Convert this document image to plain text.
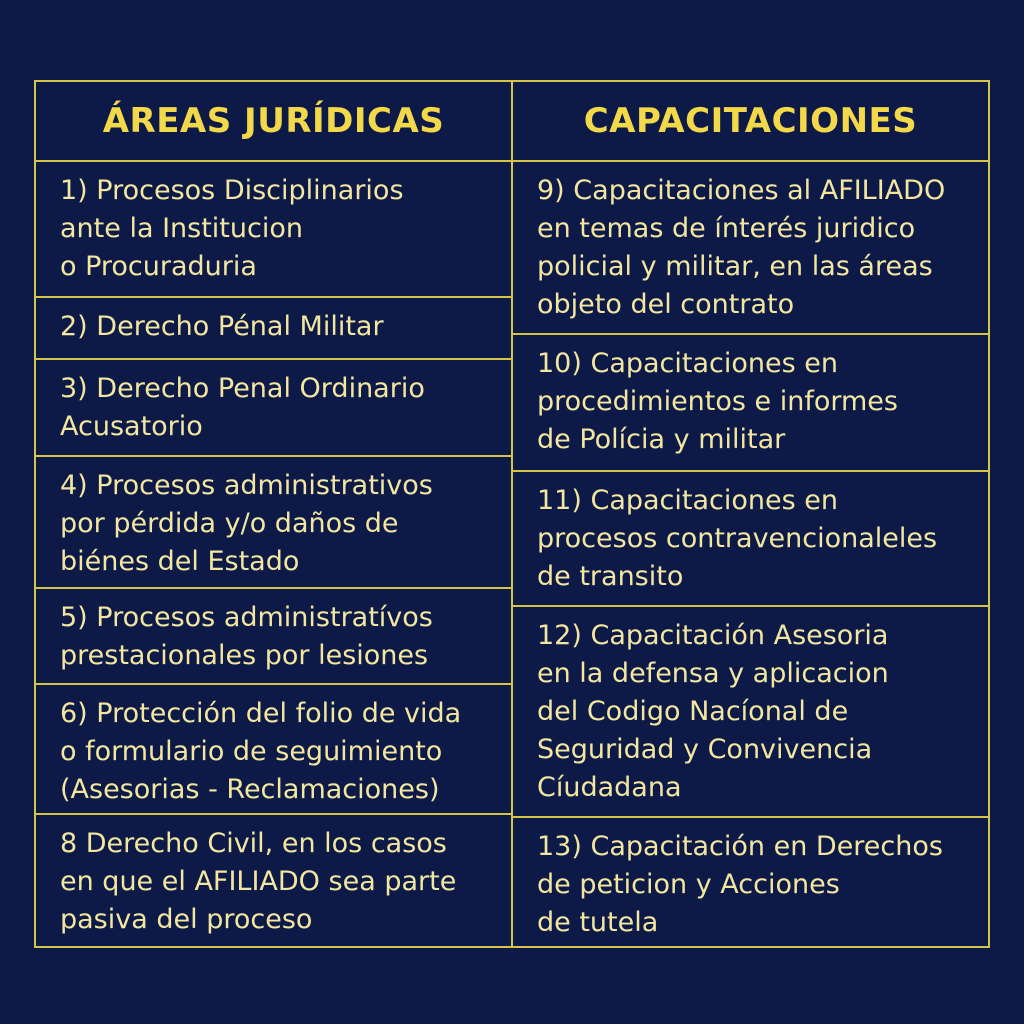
ÁREAS JURÍDICAS
1) Procesos Disciplinarios
ante la Institucion
o Procuraduria
2) Derecho Pénal Militar
3) Derecho Penal Ordinario
Acusatorio
4) Procesos administrativos
por pérdida y/o daños de
biénes del Estado
5) Procesos administratívos
prestacionales por lesiones
6) Protección del folio de vida
o formulario de seguimiento
(Asesorias - Reclamaciones)
8 Derecho Civil, en los casos
en que el AFILIADO sea parte
pasiva del proceso
CAPACITACIONES
9) Capacitaciones al AFILIADO
en temas de ínterés juridico
policial y militar, en las áreas
objeto del contrato
10) Capacitaciones en
procedimientos e informes
de Polícia y militar
11) Capacitaciones en
procesos contravencionaleles
de transito
12) Capacitación Asesoria
en la defensa y aplicacion
del Codigo Nacíonal de
Seguridad y Convivencia
Cíudadana
13) Capacitación en Derechos
de peticion y Acciones
de tutela
